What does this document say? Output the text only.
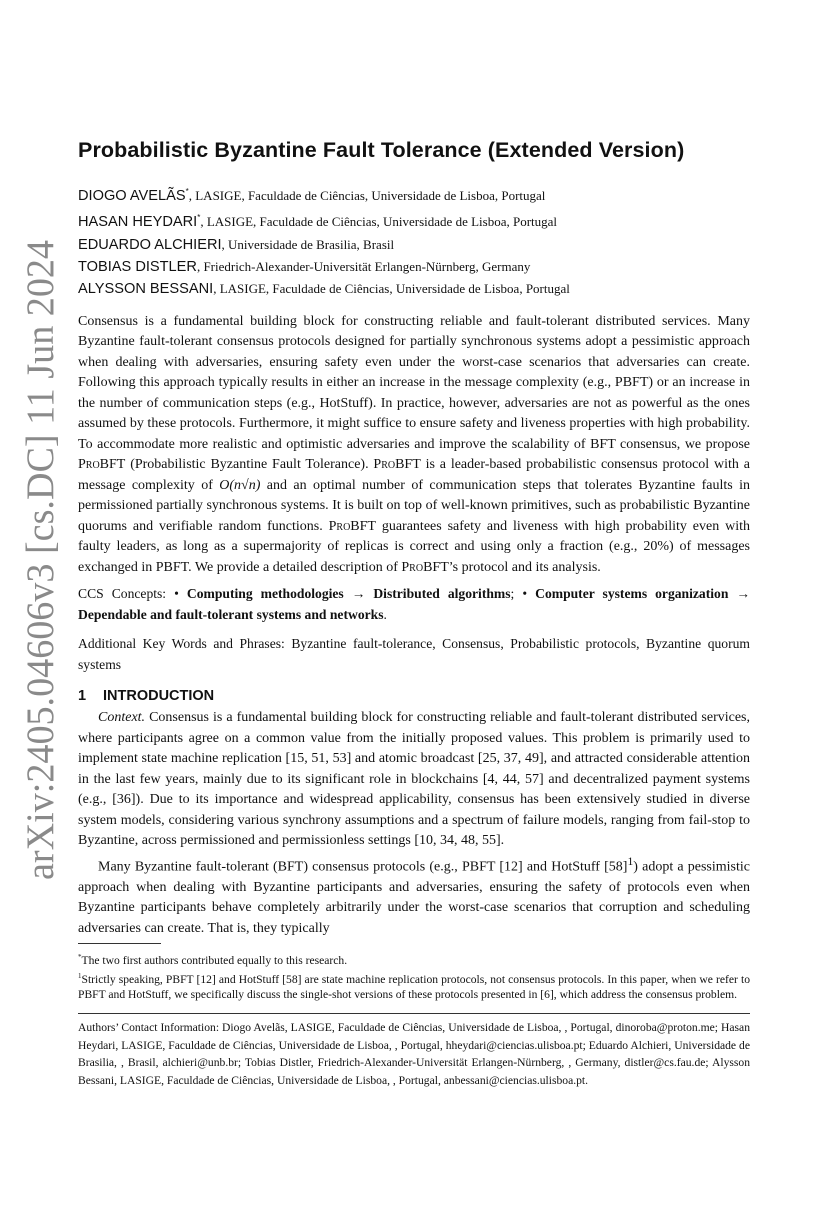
arXiv:2405.04606v3 [cs.DC] 11 Jun 2024
Probabilistic Byzantine Fault Tolerance (Extended Version)
DIOGO AVELÃS*, LASIGE, Faculdade de Ciências, Universidade de Lisboa, Portugal
HASAN HEYDARI*, LASIGE, Faculdade de Ciências, Universidade de Lisboa, Portugal
EDUARDO ALCHIERI, Universidade de Brasilia, Brasil
TOBIAS DISTLER, Friedrich-Alexander-Universität Erlangen-Nürnberg, Germany
ALYSSON BESSANI, LASIGE, Faculdade de Ciências, Universidade de Lisboa, Portugal

Consensus is a fundamental building block for constructing reliable and fault-tolerant distributed services. Many Byzantine fault-tolerant consensus protocols designed for partially synchronous systems adopt a pessimistic approach when dealing with adversaries, ensuring safety even under the worst-case scenarios that adversaries can create. Following this approach typically results in either an increase in the message complexity (e.g., PBFT) or an increase in the number of communication steps (e.g., HotStuff). In practice, however, adversaries are not as powerful as the ones assumed by these protocols. Furthermore, it might suffice to ensure safety and liveness properties with high probability. To accommodate more realistic and optimistic adversaries and improve the scalability of BFT consensus, we propose ProBFT (Probabilistic Byzantine Fault Tolerance). ProBFT is a leader-based probabilistic consensus protocol with a message complexity of O(n√n) and an optimal number of communication steps that tolerates Byzantine faults in permissioned partially synchronous systems. It is built on top of well-known primitives, such as probabilistic Byzantine quorums and verifiable random functions. ProBFT guarantees safety and liveness with high probability even with faulty leaders, as long as a supermajority of replicas is correct and using only a fraction (e.g., 20%) of messages exchanged in PBFT. We provide a detailed description of ProBFT’s protocol and its analysis.

CCS Concepts: • Computing methodologies → Distributed algorithms; • Computer systems organization → Dependable and fault-tolerant systems and networks.

Additional Key Words and Phrases: Byzantine fault-tolerance, Consensus, Probabilistic protocols, Byzantine quorum systems

1 INTRODUCTION

Context. Consensus is a fundamental building block for constructing reliable and fault-tolerant distributed services, where participants agree on a common value from the initially proposed values. This problem is primarily used to implement state machine replication [15, 51, 53] and atomic broadcast [25, 37, 49], and attracted considerable attention in the last few years, mainly due to its significant role in blockchains [4, 44, 57] and decentralized payment systems (e.g., [36]). Due to its importance and widespread applicability, consensus has been extensively studied in diverse system models, considering various synchrony assumptions and a spectrum of failure models, ranging from fail-stop to Byzantine, across permissioned and permissionless settings [10, 34, 48, 55].

Many Byzantine fault-tolerant (BFT) consensus protocols (e.g., PBFT [12] and HotStuff $[58]^1$) adopt a pessimistic approach when dealing with Byzantine participants and adversaries, ensuring the safety of protocols even when Byzantine participants behave completely arbitrarily under the worst-case scenarios that corruption and scheduling adversaries can create. That is, they typically

*The two first authors contributed equally to this research.

$^1$Strictly speaking, PBFT [12] and HotStuff [58] are state machine replication protocols, not consensus protocols. In this paper, when we refer to PBFT and HotStuff, we specifically discuss the single-shot versions of these protocols presented in [6], which address the consensus problem.

Authors’ Contact Information: Diogo Avelãs, LASIGE, Faculdade de Ciências, Universidade de Lisboa, , Portugal, dinoroba@proton.me; Hasan Heydari, LASIGE, Faculdade de Ciências, Universidade de Lisboa, , Portugal, hheydari@ciencias.ulisboa.pt; Eduardo Alchieri, Universidade de Brasilia, , Brasil, alchieri@unb.br; Tobias Distler, Friedrich-Alexander-Universität Erlangen-Nürnberg, , Germany, distler@cs.fau.de; Alysson Bessani, LASIGE, Faculdade de Ciências, Universidade de Lisboa, , Portugal, anbessani@ciencias.ulisboa.pt.
